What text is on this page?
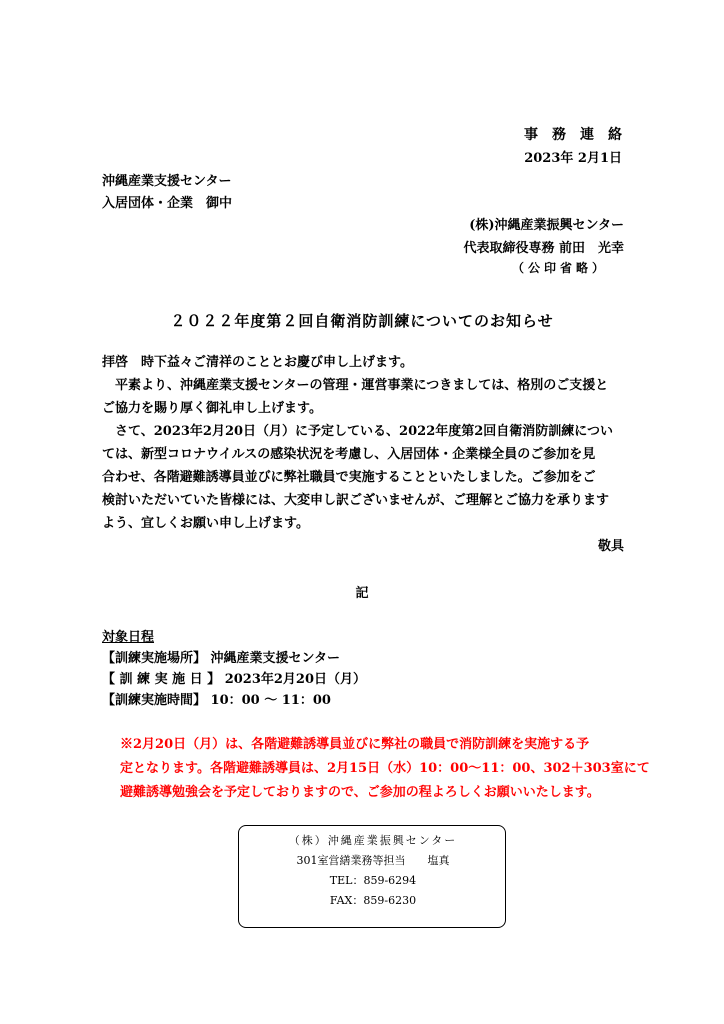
事務連絡
2023年 2月1日
沖縄産業支援センター
入居団体・企業　御中
(株)沖縄産業振興センター
代表取締役専務 前田　光幸
（公印省略）
２０２２年度第２回自衛消防訓練についてのお知らせ

拝啓　時下益々ご清祥のこととお慶び申し上げます。

　平素より、沖縄産業支援センターの管理・運営事業につきましては、格別のご支援と

ご協力を賜り厚く御礼申し上げます。

　さて、2023年2月20日（月）に予定している、2022年度第2回自衛消防訓練につい

ては、新型コロナウイルスの感染状況を考慮し、入居団体・企業様全員のご参加を見

合わせ、各階避難誘導員並びに弊社職員で実施することといたしました。ご参加をご

検討いただいていた皆様には、大変申し訳ございませんが、ご理解とご協力を承ります

よう、宜しくお願い申し上げます。

敬具

記
対象日程
【訓練実施場所】 沖縄産業支援センター
【 訓 練 実 施 日 】 2023年2月20日（月）
【訓練実施時間】 10：00 ～ 11：00
※2月20日（月）は、各階避難誘導員並びに弊社の職員で消防訓練を実施する予
定となります。各階避難誘導員は、2月15日（水）10：00～11：00、302＋303室にて
避難誘導勉強会を予定しておりますので、ご参加の程よろしくお願いいたします。
（株）沖縄産業振興センター
301室営繕業務等担当　　塩真
TEL：859-6294
FAX：859-6230
